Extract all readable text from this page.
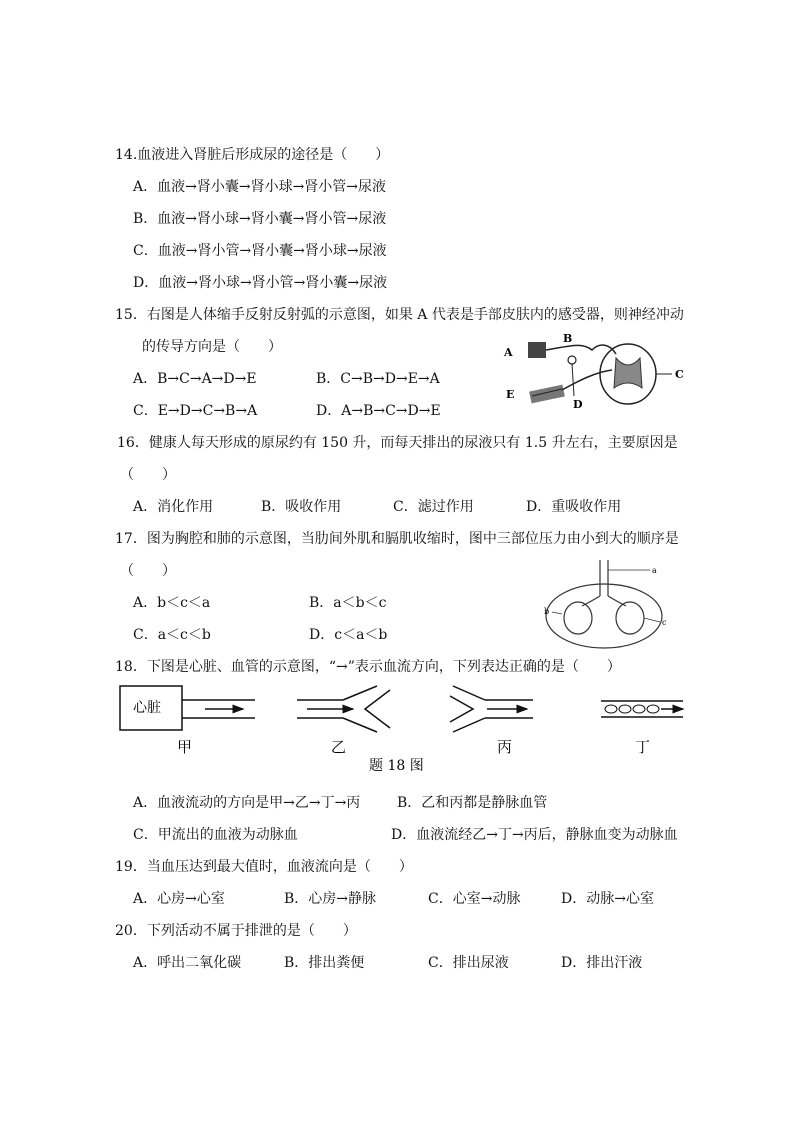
14.血液进入肾脏后形成尿的途径是（　　）
A．血液→肾小囊→肾小球→肾小管→尿液
B．血液→肾小球→肾小囊→肾小管→尿液
C．血液→肾小管→肾小囊→肾小球→尿液
D．血液→肾小球→肾小管→肾小囊→尿液
15．右图是人体缩手反射反射弧的示意图，如果 A 代表是手部皮肤内的感受器，则神经冲动
的传导方向是（　　）
A．B→C→A→D→E	B．C→B→D→E→A
C．E→D→C→B→A	D．A→B→C→D→E
A
B
C
D
E
16．健康人每天形成的原尿约有 150 升，而每天排出的尿液只有 1.5 升左右，主要原因是
（　　）
A．消化作用	B．吸收作用	C．滤过作用	D．重吸收作用
17．图为胸腔和肺的示意图，当肋间外肌和膈肌收缩时，图中三部位压力由小到大的顺序是
（　　）
A．b＜c＜a	B．a＜b＜c
C．a＜c＜b	D．c＜a＜b
a
b
c
18．下图是心脏、血管的示意图，“→”表示血流方向，下列表达正确的是（　　）
心脏
甲	乙	丙	丁
题 18 图
A．血液流动的方向是甲→乙→丁→丙	B．乙和丙都是静脉血管
C．甲流出的血液为动脉血	D．血液流经乙→丁→丙后，静脉血变为动脉血
19．当血压达到最大值时，血液流向是（　　）
A．心房→心室	B．心房→静脉	C．心室→动脉	D．动脉→心室
20．下列活动不属于排泄的是（　　）
A．呼出二氧化碳	B．排出粪便	C．排出尿液	D．排出汗液
